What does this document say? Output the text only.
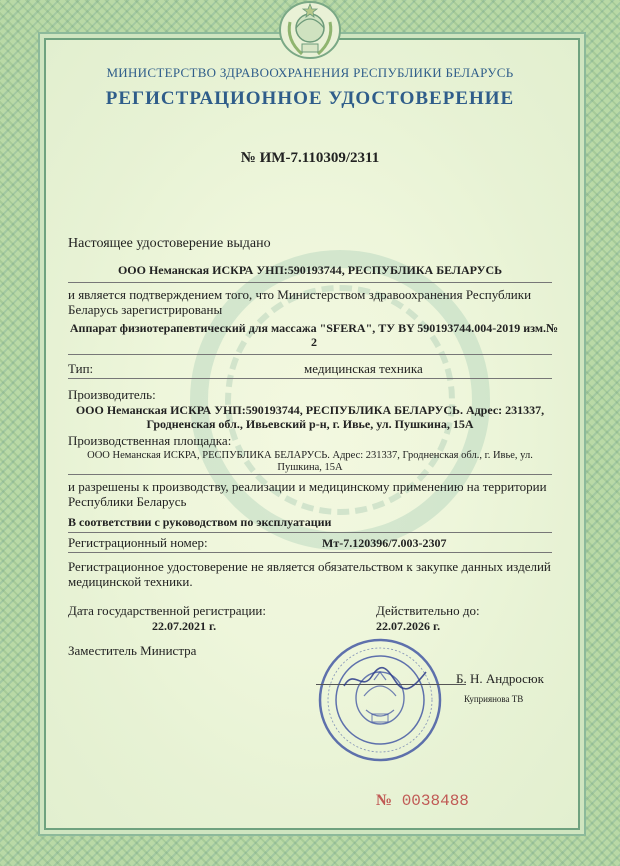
МИНИСТЕРСТВО ЗДРАВООХРАНЕНИЯ РЕСПУБЛИКИ БЕЛАРУСЬ
РЕГИСТРАЦИОННОЕ УДОСТОВЕРЕНИЕ
№ ИМ-7.110309/2311
Настоящее удостоверение выдано
ООО Неманская ИСКРА УНП:590193744, РЕСПУБЛИКА БЕЛАРУСЬ
и является подтверждением того, что Министерством здравоохранения Республики Беларусь зарегистрированы
Аппарат физиотерапевтический для массажа "SFERA", ТУ BY 590193744.004-2019 изм.№ 2
Тип:	медицинская техника
Производитель:
ООО Неманская ИСКРА УНП:590193744, РЕСПУБЛИКА БЕЛАРУСЬ. Адрес: 231337, Гродненская обл., Ивьевский р-н, г. Ивье, ул. Пушкина, 15А
Производственная площадка:
ООО Неманская ИСКРА, РЕСПУБЛИКА БЕЛАРУСЬ. Адрес: 231337, Гродненская обл., г. Ивье, ул. Пушкина, 15А
и разрешены к производству, реализации и медицинскому применению на территории Республики Беларусь
В соответствии с руководством по эксплуатации
Регистрационный номер:	Мт-7.120396/7.003-2307
Регистрационное удостоверение не является обязательством к закупке данных изделий медицинской техники.
Дата государственной регистрации:
22.07.2021 г.
Действительно до:
22.07.2026 г.
Заместитель Министра
Б. Н. Андросюк
Куприянова ТВ
№ 0038488
